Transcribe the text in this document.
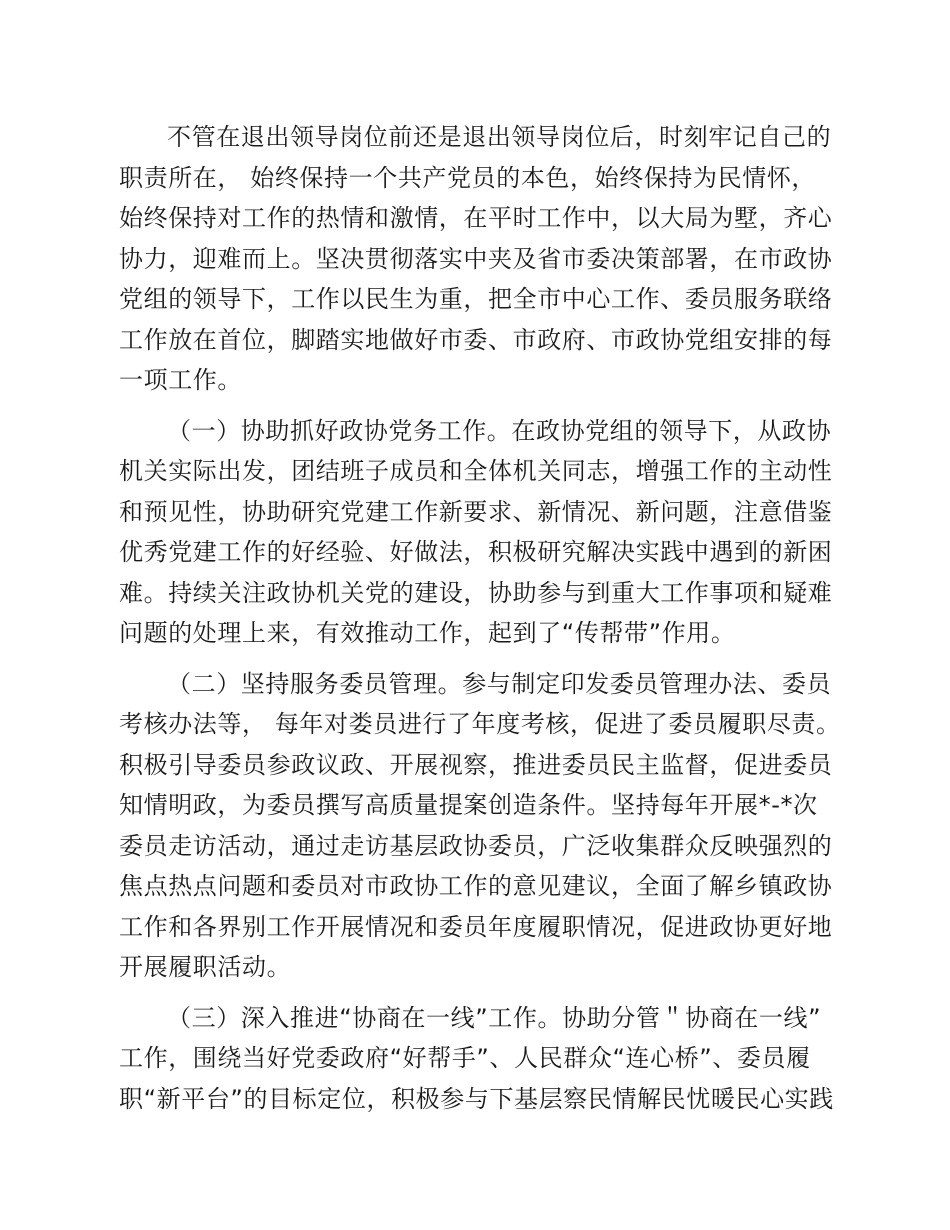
不管在退出领导岗位前还是退出领导岗位后，时刻牢记自己的
职责所在， 始终保持一个共产党员的本色，始终保持为民情怀，
始终保持对工作的热情和激情，在平时工作中，以大局为墅，齐心
协力，迎难而上。坚决贯彻落实中夹及省市委决策部署，在市政协
党组的领导下，工作以民生为重，把全市中心工作、委员服务联络
工作放在首位，脚踏实地做好市委、市政府、市政协党组安排的每
一项工作。
（一）协助抓好政协党务工作。在政协党组的领导下，从政协
机关实际出发，团结班子成员和全体机关同志，增强工作的主动性
和预见性，协助研究党建工作新要求、新情况、新问题，注意借鉴
优秀党建工作的好经验、好做法，积极研究解决实践中遇到的新困
难。持续关注政协机关党的建设，协助参与到重大工作事项和疑难
问题的处理上来，有效推动工作，起到了“传帮带”作用。
（二）坚持服务委员管理。参与制定印发委员管理办法、委员
考核办法等， 每年对娄员进行了年度考核，促进了委员履职尽责。
积极引导委员参政议政、开展视察，推进委员民主监督，促进委员
知情明政，为委员撰写高质量提案创造条件。坚持每年开展*-*次
委员走访活动，通过走访基层政协委员，广泛收集群众反映强烈的
焦点热点问题和委员对市政协工作的意见建议，全面了解乡镇政协
工作和各界别工作开展情况和委员年度履职情况，促进政协更好地
开展履职活动。
（三）深入推进“协商在一线”工作。协助分管＂协商在一线”
工作，围绕当好党委政府“好帮手”、人民群众“连心桥”、委员履
职“新平台”的目标定位，积极参与下基层察民情解民忧暖民心实践
